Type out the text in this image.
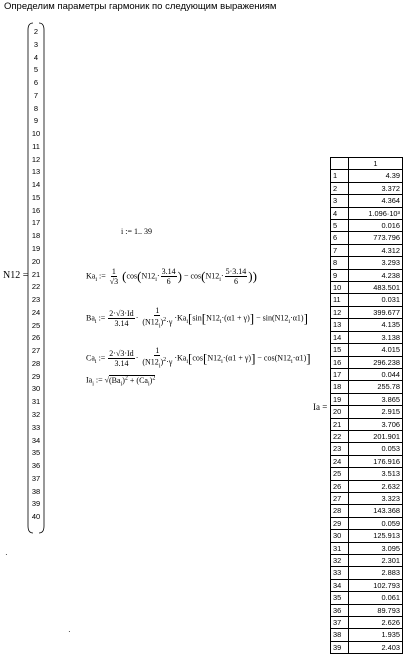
Определим параметры гармоник по следующим выражениям
N12 =
2
3
4
5
6
7
8
9
10
11
12
13
14
15
16
17
18
19
20
21
22
23
24
25
26
27
28
29
30
31
32
33
34
35
36
37
38
39
40
i := 1.. 39
$Ka_i$ := $\frac{1}{√3} (\cos(N12_i\cdot \frac{3.14}{6}$ ) − $\cos(N12_i\cdot \frac{5\cdot 3.14}{6}$ ))
$Ba_i$ := $\frac{2\cdot√3\cdot Id}{3.14} \cdot \frac{1}{(N12_i)^2\cdot\gamma} \cdot Ka_i[\sin[N12_i\cdot(\alpha 1 + \gamma)] - \sin(N12_i\cdot\alpha 1)]$
$Ca_i$ := $\frac{2\cdot√3\cdot Id}{3.14} \cdot \frac{1}{(N12_i)^2\cdot\gamma} \cdot Ka_i[\cos[N12_i\cdot(\alpha 1 + \gamma)] - \cos(N12_i\cdot\alpha 1)]$
$Ia_i$ := $√(Ba_i)^2 + (Ca_i)^2$
Ia =
	1
1	4.39
2	3.372
3	4.364
4	1.096·10³
5	0.016
6	773.796
7	4.312
8	3.293
9	4.238
10	483.501
11	0.031
12	399.677
13	4.135
14	3.138
15	4.015
16	296.238
17	0.044
18	255.78
19	3.865
20	2.915
21	3.706
22	201.901
23	0.053
24	176.916
25	3.513
26	2.632
27	3.323
28	143.368
29	0.059
30	125.913
31	3.095
32	2.301
33	2.883
34	102.793
35	0.061
36	89.793
37	2.626
38	1.935
39	2.403
·
·
